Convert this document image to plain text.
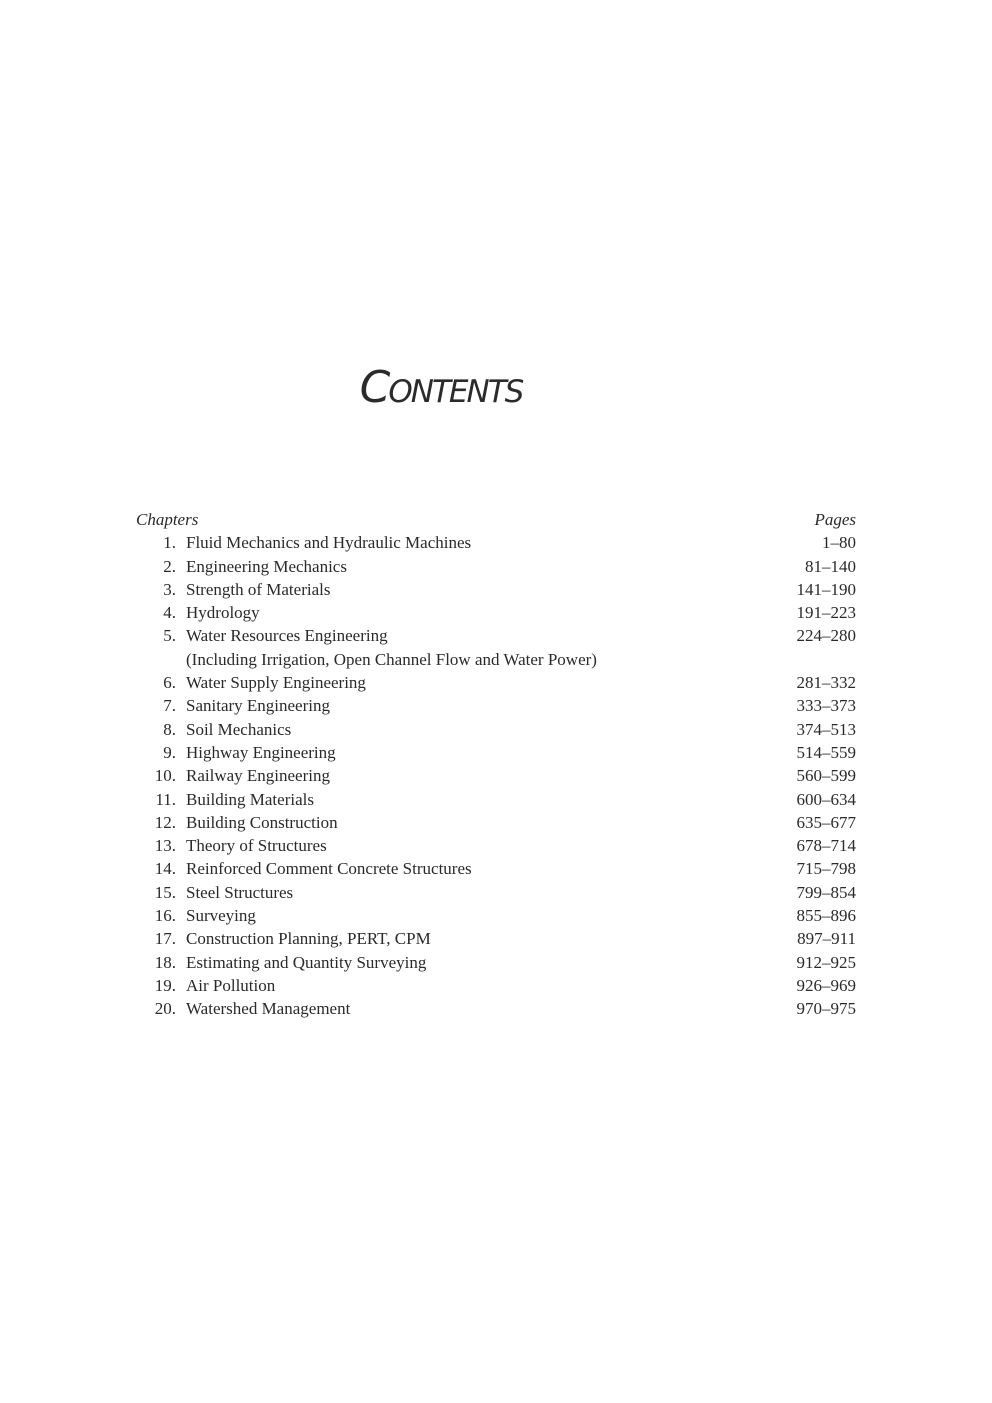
Contents
Chapters	Pages
1. Fluid Mechanics and Hydraulic Machines	1–80
2. Engineering Mechanics	81–140
3. Strength of Materials	141–190
4. Hydrology	191–223
5. Water Resources Engineering	224–280
(Including Irrigation, Open Channel Flow and Water Power)
6. Water Supply Engineering	281–332
7. Sanitary Engineering	333–373
8. Soil Mechanics	374–513
9. Highway Engineering	514–559
10. Railway Engineering	560–599
11. Building Materials	600–634
12. Building Construction	635–677
13. Theory of Structures	678–714
14. Reinforced Comment Concrete Structures	715–798
15. Steel Structures	799–854
16. Surveying	855–896
17. Construction Planning, PERT, CPM	897–911
18. Estimating and Quantity Surveying	912–925
19. Air Pollution	926–969
20. Watershed Management	970–975
